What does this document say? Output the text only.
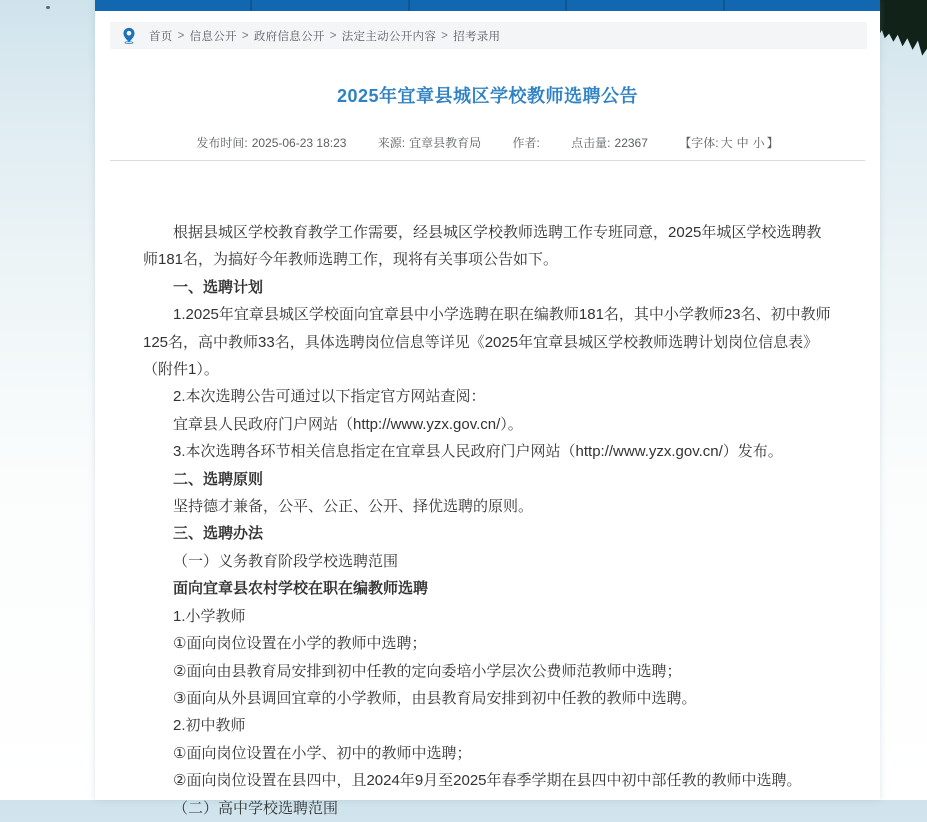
首页 > 信息公开 > 政府信息公开 > 法定主动公开内容 > 招考录用
2025年宜章县城区学校教师选聘公告
发布时间: 2025-06-23 18:23	来源: 宜章县教育局	作者:	点击量: 22367	【字体: 大 中 小 】

根据县城区学校教育教学工作需要，经县城区学校教师选聘工作专班同意，2025年城区学校选聘教师181名，为搞好今年教师选聘工作，现将有关事项公告如下。

一、选聘计划

1.2025年宜章县城区学校面向宜章县中小学选聘在职在编教师181名，其中小学教师23名、初中教师125名，高中教师33名，具体选聘岗位信息等详见《2025年宜章县城区学校教师选聘计划岗位信息表》（附件1）。

2.本次选聘公告可通过以下指定官方网站查阅：

宜章县人民政府门户网站（http://www.yzx.gov.cn/）。

3.本次选聘各环节相关信息指定在宜章县人民政府门户网站（http://www.yzx.gov.cn/）发布。

二、选聘原则

坚持德才兼备，公平、公正、公开、择优选聘的原则。

三、选聘办法

（一）义务教育阶段学校选聘范围

面向宜章县农村学校在职在编教师选聘

1.小学教师

①面向岗位设置在小学的教师中选聘；

②面向由县教育局安排到初中任教的定向委培小学层次公费师范教师中选聘；

③面向从外县调回宜章的小学教师，由县教育局安排到初中任教的教师中选聘。

2.初中教师

①面向岗位设置在小学、初中的教师中选聘；

②面向岗位设置在县四中，且2024年9月至2025年春季学期在县四中初中部任教的教师中选聘。

（二）高中学校选聘范围
